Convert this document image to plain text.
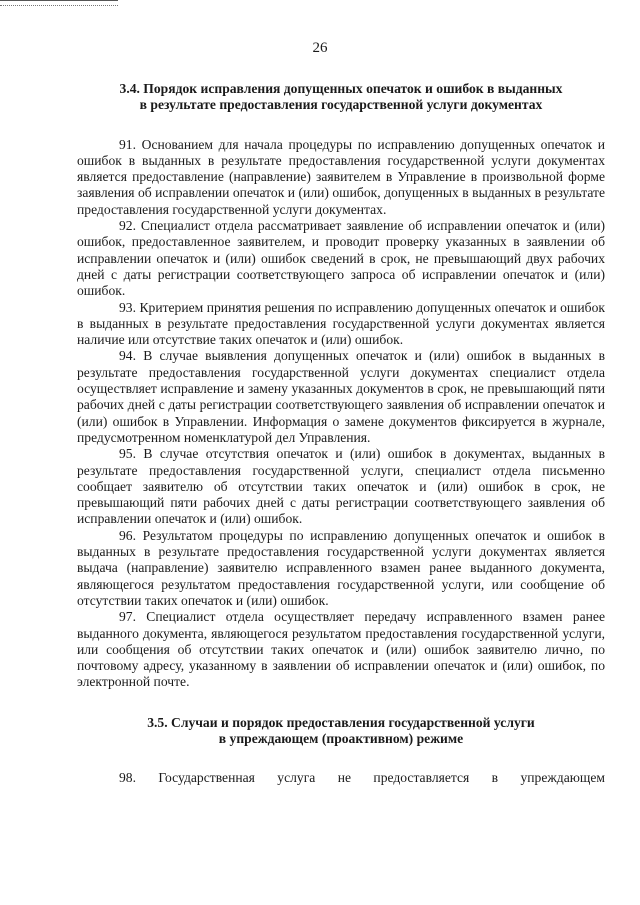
26
3.4. Порядок исправления допущенных опечаток и ошибок в выданных
в результате предоставления государственной услуги документах

91. Основанием для начала процедуры по исправлению допущенных опечаток и ошибок в выданных в результате предоставления государственной услуги документах является предоставление (направление) заявителем в Управление в произвольной форме заявления об исправлении опечаток и (или) ошибок, допущенных в выданных в результате предоставления государственной услуги документах.

92. Специалист отдела рассматривает заявление об исправлении опечаток и (или) ошибок, предоставленное заявителем, и проводит проверку указанных в заявлении об исправлении опечаток и (или) ошибок сведений в срок, не превышающий двух рабочих дней с даты регистрации соответствующего запроса об исправлении опечаток и (или) ошибок.

93. Критерием принятия решения по исправлению допущенных опечаток и ошибок в выданных в результате предоставления государственной услуги документах является наличие или отсутствие таких опечаток и (или) ошибок.

94. В случае выявления допущенных опечаток и (или) ошибок в выданных в результате предоставления государственной услуги документах специалист отдела осуществляет исправление и замену указанных документов в срок, не превышающий пяти рабочих дней с даты регистрации соответствующего заявления об исправлении опечаток и (или) ошибок в Управлении. Информация о замене документов фиксируется в журнале, предусмотренном номенклатурой дел Управления.

95. В случае отсутствия опечаток и (или) ошибок в документах, выданных в результате предоставления государственной услуги, специалист отдела письменно сообщает заявителю об отсутствии таких опечаток и (или) ошибок в срок, не превышающий пяти рабочих дней с даты регистрации соответствующего заявления об исправлении опечаток и (или) ошибок.

96. Результатом процедуры по исправлению допущенных опечаток и ошибок в выданных в результате предоставления государственной услуги документах является выдача (направление) заявителю исправленного взамен ранее выданного документа, являющегося результатом предоставления государственной услуги, или сообщение об отсутствии таких опечаток и (или) ошибок.

97. Специалист отдела осуществляет передачу исправленного взамен ранее выданного документа, являющегося результатом предоставления государственной услуги, или сообщения об отсутствии таких опечаток и (или) ошибок заявителю лично, по почтовому адресу, указанному в заявлении об исправлении опечаток и (или) ошибок, по электронной почте.

3.5. Случаи и порядок предоставления государственной услуги
в упреждающем (проактивном) режиме

98. Государственная услуга не предоставляется в упреждающем
